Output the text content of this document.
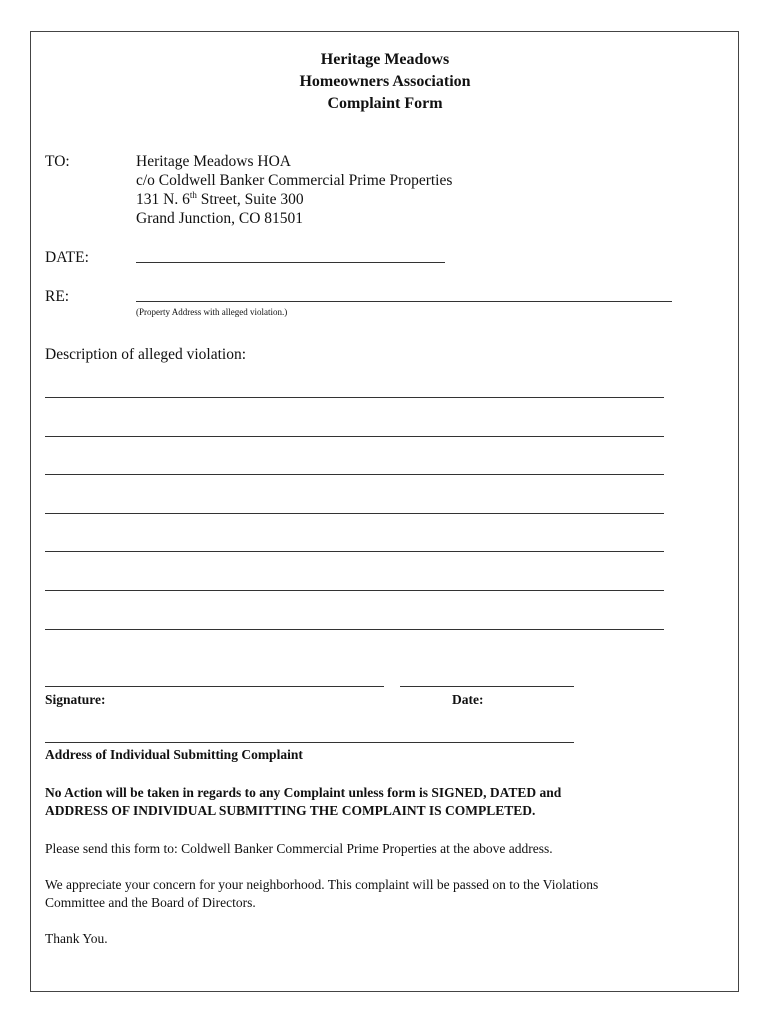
Heritage Meadows
Homeowners Association
Complaint Form
TO:	Heritage Meadows HOA
c/o Coldwell Banker Commercial Prime Properties
131 N. 6th Street, Suite 300
Grand Junction, CO 81501
DATE:
RE:
(Property Address with alleged violation.)
Description of alleged violation:
Signature:	Date:
Address of Individual Submitting Complaint
No Action will be taken in regards to any Complaint unless form is SIGNED, DATED and
ADDRESS OF INDIVIDUAL SUBMITTING THE COMPLAINT IS COMPLETED.
Please send this form to: Coldwell Banker Commercial Prime Properties at the above address.
We appreciate your concern for your neighborhood. This complaint will be passed on to the Violations
Committee and the Board of Directors.
Thank You.
